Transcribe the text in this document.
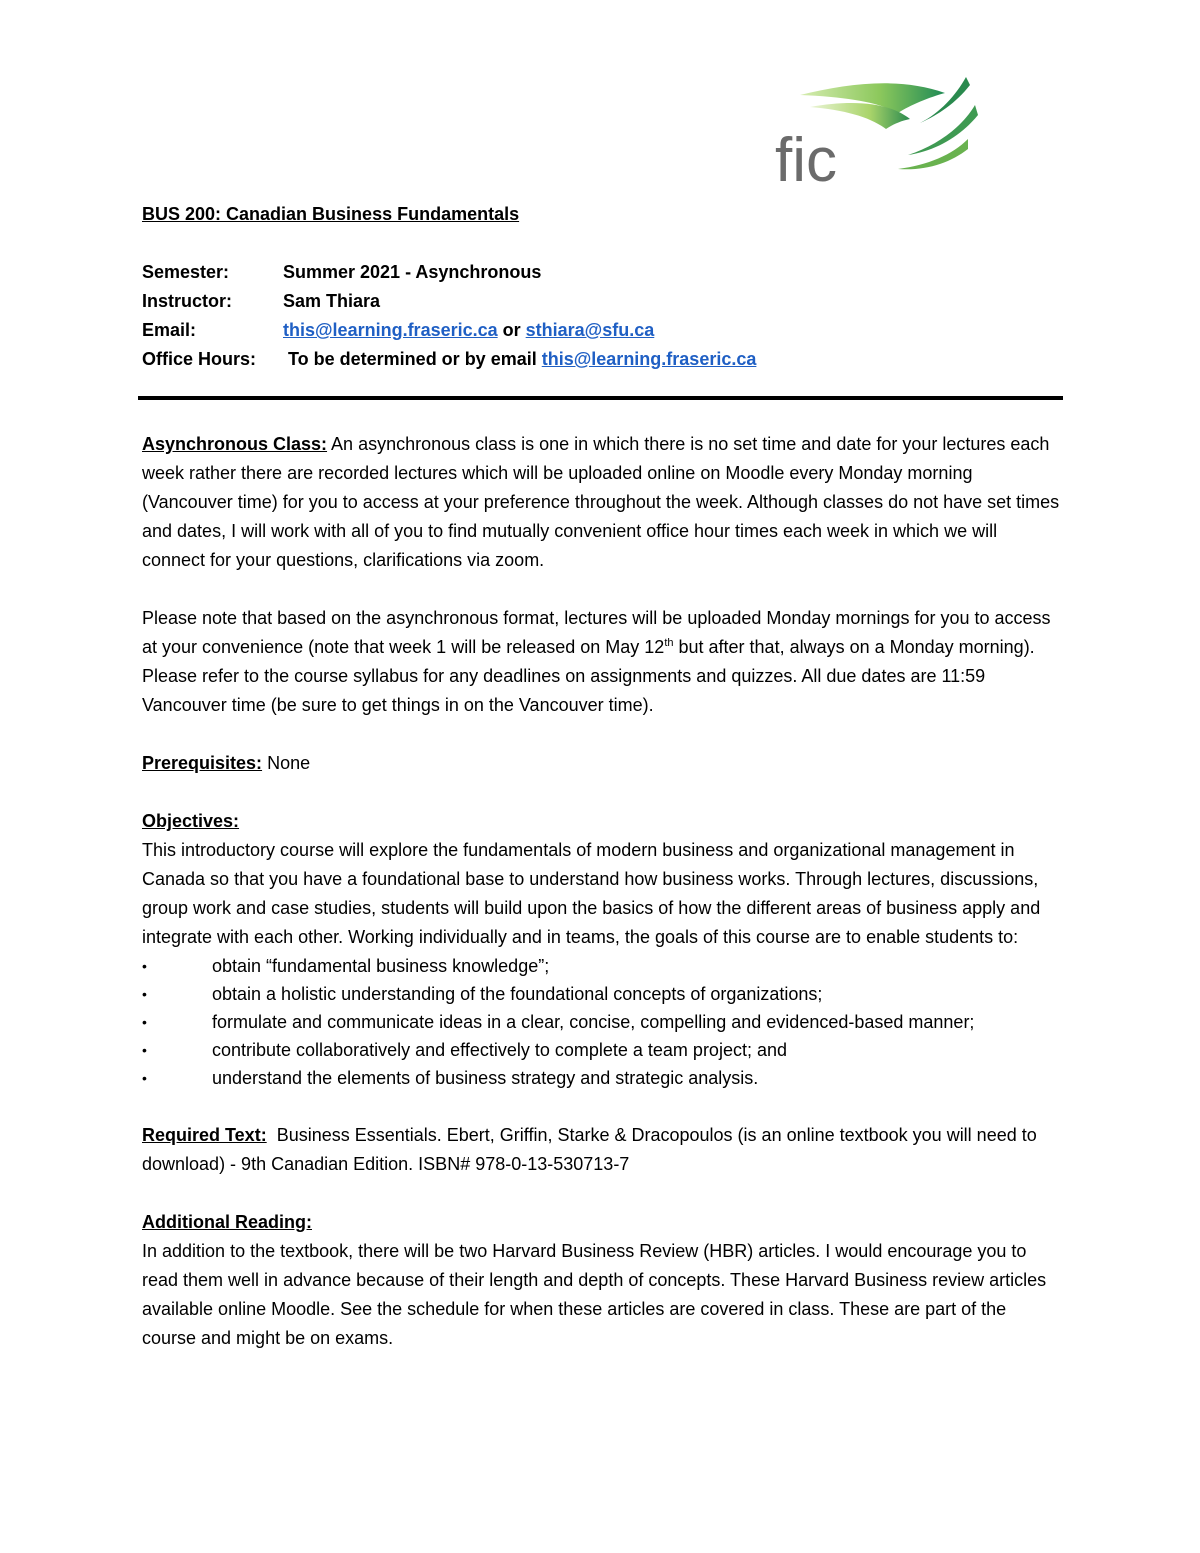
fic
BUS 200: Canadian Business Fundamentals
Semester:	Summer 2021 - Asynchronous
Instructor:	Sam Thiara
Email:	this@learning.fraseric.ca or sthiara@sfu.ca
Office Hours:	To be determined or by email this@learning.fraseric.ca

Asynchronous Class: An asynchronous class is one in which there is no set time and date for your lectures each week rather there are recorded lectures which will be uploaded online on Moodle every Monday morning (Vancouver time) for you to access at your preference throughout the week. Although classes do not have set times and dates, I will work with all of you to find mutually convenient office hour times each week in which we will connect for your questions, clarifications via zoom.

Please note that based on the asynchronous format, lectures will be uploaded Monday mornings for you to access at your convenience (note that week 1 will be released on May 12th but after that, always on a Monday morning). Please refer to the course syllabus for any deadlines on assignments and quizzes. All due dates are 11:59 Vancouver time (be sure to get things in on the Vancouver time).

Prerequisites: None

Objectives:
This introductory course will explore the fundamentals of modern business and organizational management in Canada so that you have a foundational base to understand how business works. Through lectures, discussions, group work and case studies, students will build upon the basics of how the different areas of business apply and integrate with each other. Working individually and in teams, the goals of this course are to enable students to:
•	obtain “fundamental business knowledge”;
•	obtain a holistic understanding of the foundational concepts of organizations;
•	formulate and communicate ideas in a clear, concise, compelling and evidenced-based manner;
•	contribute collaboratively and effectively to complete a team project; and
•	understand the elements of business strategy and strategic analysis.

Required Text:  Business Essentials. Ebert, Griffin, Starke & Dracopoulos (is an online textbook you will need to download) - 9th Canadian Edition. ISBN# 978-0-13-530713-7

Additional Reading:
In addition to the textbook, there will be two Harvard Business Review (HBR) articles. I would encourage you to read them well in advance because of their length and depth of concepts. These Harvard Business review articles available online Moodle. See the schedule for when these articles are covered in class. These are part of the course and might be on exams.
